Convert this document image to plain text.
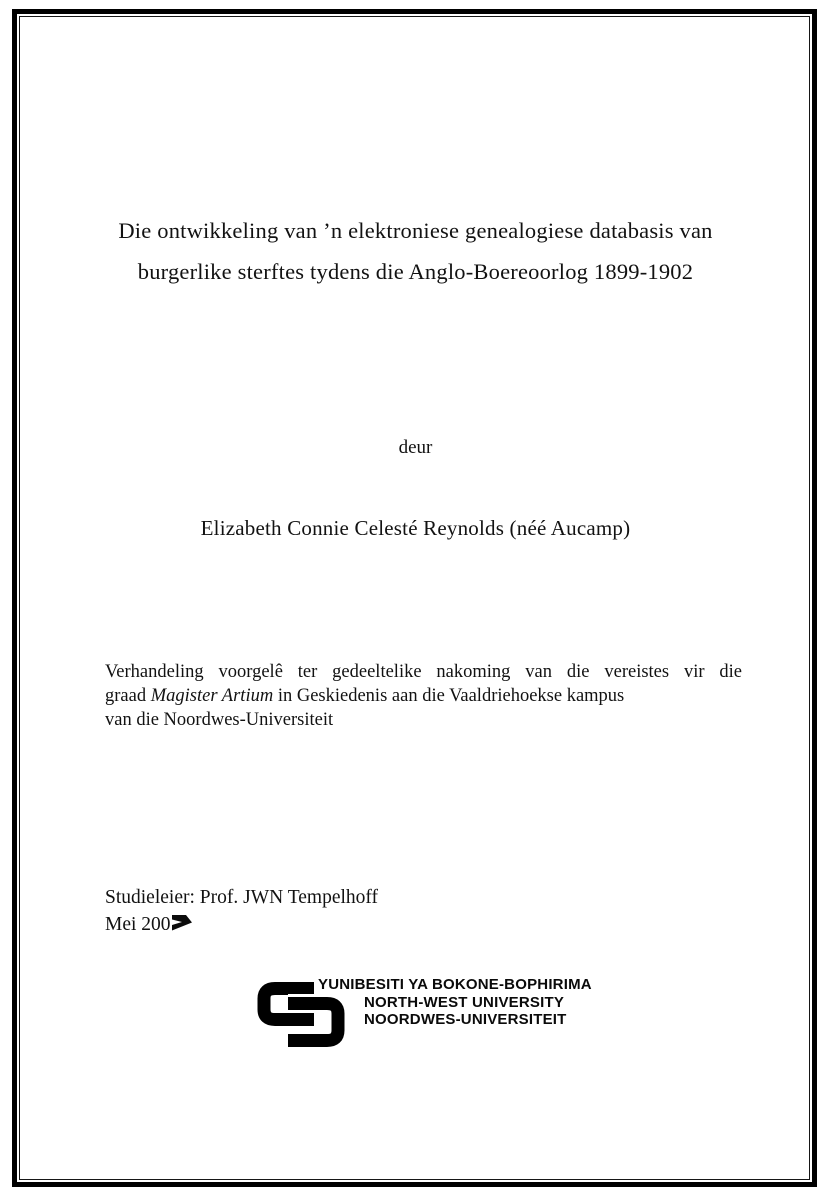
Die ontwikkeling van ’n elektroniese genealogiese databasis van
burgerlike sterftes tydens die Anglo-Boereoorlog 1899-1902
deur
Elizabeth Connie Celesté Reynolds (néé Aucamp)
Verhandeling voorgelê ter gedeeltelike nakoming van die vereistes vir die
graad Magister Artium in Geskiedenis aan die Vaaldriehoekse kampus
van die Noordwes-Universiteit
Studieleier: Prof. JWN Tempelhoff
Mei 200
YUNIBESITI YA BOKONE-BOPHIRIMA
NORTH-WEST UNIVERSITY
NOORDWES-UNIVERSITEIT
